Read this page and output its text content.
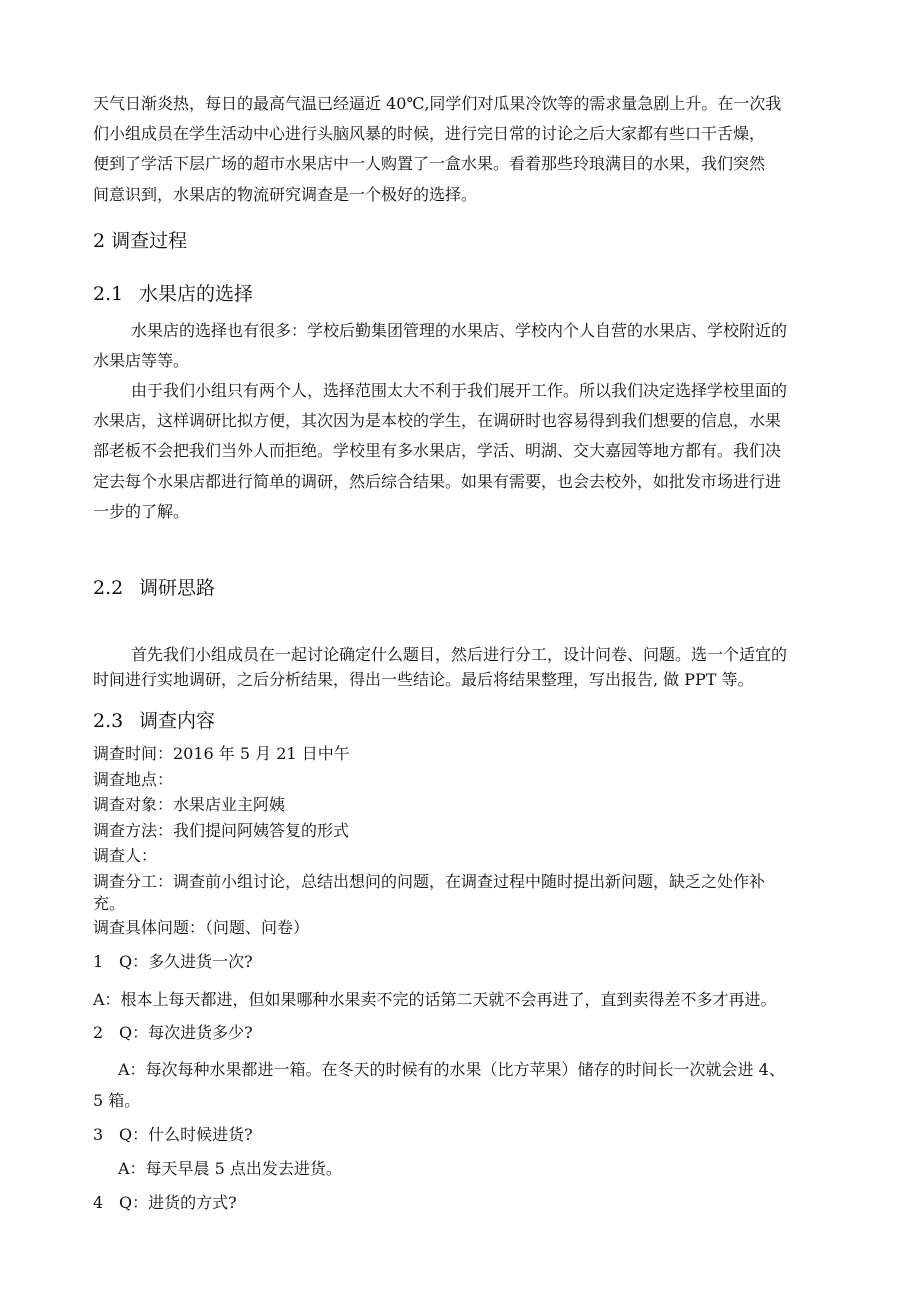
天气日渐炎热，每日的最高气温已经逼近 40℃,同学们对瓜果冷饮等的需求量急剧上升。在一次我
们小组成员在学生活动中心进行头脑风暴的时候，进行完日常的讨论之后大家都有些口干舌燥，
便到了学活下层广场的超市水果店中一人购置了一盒水果。看着那些玲琅满目的水果，我们突然
间意识到，水果店的物流研究调查是一个极好的选择。
2 调查过程
2.1 水果店的选择
水果店的选择也有很多：学校后勤集团管理的水果店、学校内个人自营的水果店、学校附近的
水果店等等。
由于我们小组只有两个人，选择范围太大不利于我们展开工作。所以我们决定选择学校里面的
水果店，这样调研比拟方便，其次因为是本校的学生，在调研时也容易得到我们想要的信息，水果
部老板不会把我们当外人而拒绝。学校里有多水果店，学活、明湖、交大嘉园等地方都有。我们决
定去每个水果店都进行简单的调研，然后综合结果。如果有需要，也会去校外，如批发市场进行进
一步的了解。
2.2 调研思路
首先我们小组成员在一起讨论确定什么题目，然后进行分工，设计问卷、问题。选一个适宜的
时间进行实地调研，之后分析结果，得出一些结论。最后将结果整理，写出报告, 做 PPT 等。
2.3 调查内容
调查时间：2016 年 5 月 21 日中午
调查地点：
调查对象：水果店业主阿姨
调查方法：我们提问阿姨答复的形式
调查人：
调查分工：调查前小组讨论，总结出想问的问题，在调查过程中随时提出新问题，缺乏之处作补
充。
调查具体问题：（问题、问卷）
1 Q：多久进货一次?
A：根本上每天都进，但如果哪种水果卖不完的话第二天就不会再进了，直到卖得差不多才再进。
2 Q：每次进货多少?
A：每次每种水果都进一箱。在冬天的时候有的水果（比方苹果）储存的时间长一次就会进 4、
5 箱。
3 Q：什么时候进货?
A：每天早晨 5 点出发去进货。
4 Q：进货的方式?
